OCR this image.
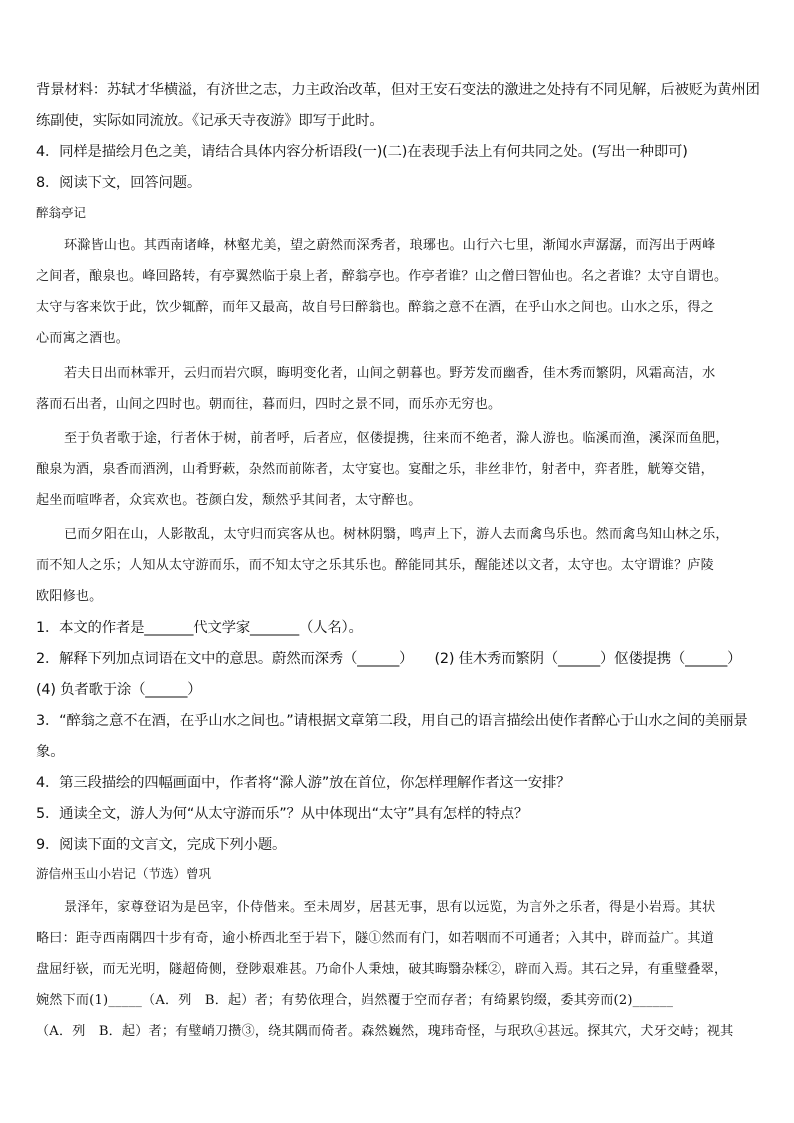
背景材料：苏轼才华横溢，有济世之志，力主政治改革，但对王安石变法的激进之处持有不同见解，后被贬为黄州团
练副使，实际如同流放。《记承天寺夜游》即写于此时。
4．同样是描绘月色之美，请结合具体内容分析语段(一)(二)在表现手法上有何共同之处。(写出一种即可)
8．阅读下文，回答问题。
醉翁亭记
环滁皆山也。其西南诸峰，林壑尤美，望之蔚然而深秀者，琅琊也。山行六七里，渐闻水声潺潺，而泻出于两峰
之间者，酿泉也。峰回路转，有亭翼然临于泉上者，醉翁亭也。作亭者谁？山之僧曰智仙也。名之者谁？太守自谓也。
太守与客来饮于此，饮少辄醉，而年又最高，故自号曰醉翁也。醉翁之意不在酒，在乎山水之间也。山水之乐，得之
心而寓之酒也。
若夫日出而林霏开，云归而岩穴暝，晦明变化者，山间之朝暮也。野芳发而幽香，佳木秀而繁阴，风霜高洁，水
落而石出者，山间之四时也。朝而往，暮而归，四时之景不同，而乐亦无穷也。
至于负者歌于途，行者休于树，前者呼，后者应，伛偻提携，往来而不绝者，滁人游也。临溪而渔，溪深而鱼肥，
酿泉为酒，泉香而酒洌，山肴野蔌，杂然而前陈者，太守宴也。宴酣之乐，非丝非竹，射者中，弈者胜，觥筹交错，
起坐而喧哗者，众宾欢也。苍颜白发，颓然乎其间者，太守醉也。
已而夕阳在山，人影散乱，太守归而宾客从也。树林阴翳，鸣声上下，游人去而禽鸟乐也。然而禽鸟知山林之乐，
而不知人之乐；人知从太守游而乐，而不知太守之乐其乐也。醉能同其乐，醒能述以文者，太守也。太守谓谁？庐陵
欧阳修也。
1．本文的作者是_______代文学家_______（人名）。
2．解释下列加点词语在文中的意思。蔚然而深秀（______）　　(2) 佳木秀而繁阴（______）伛偻提携（______）
(4) 负者歌于涂（______）
3．“醉翁之意不在酒，在乎山水之间也。”请根据文章第二段，用自己的语言描绘出使作者醉心于山水之间的美丽景
象。
4．第三段描绘的四幅画面中，作者将“滁人游”放在首位，你怎样理解作者这一安排？
5．通读全文，游人为何“从太守游而乐”？从中体现出“太守”具有怎样的特点？
9．阅读下面的文言文，完成下列小题。
游信州玉山小岩记（节选）曾巩
景泽年，家尊登诏为是邑宰，仆侍偕来。至未周岁，居甚无事，思有以远览，为言外之乐者，得是小岩焉。其状
略曰：距寺西南隅四十步有奇，逾小桥西北至于岩下，隧①然而有门，如若咽而不可通者；入其中，辟而益广。其道
盘屈纡嵚，而无光明，隧超倚侧，登陟艰难甚。乃命仆人秉烛，破其晦翳杂糅②，辟而入焉。其石之异，有重璧叠翠，
婉然下而(1)_____（A．列　B．起）者；有势依理合，岿然覆于空而存者；有绮累钧缀，委其旁而(2)______
（A．列　B．起）者；有璧峭刀攒③，绕其隅而倚者。森然巍然，瑰玮奇怪，与珉玖④甚远。探其穴，犬牙交峙；视其
